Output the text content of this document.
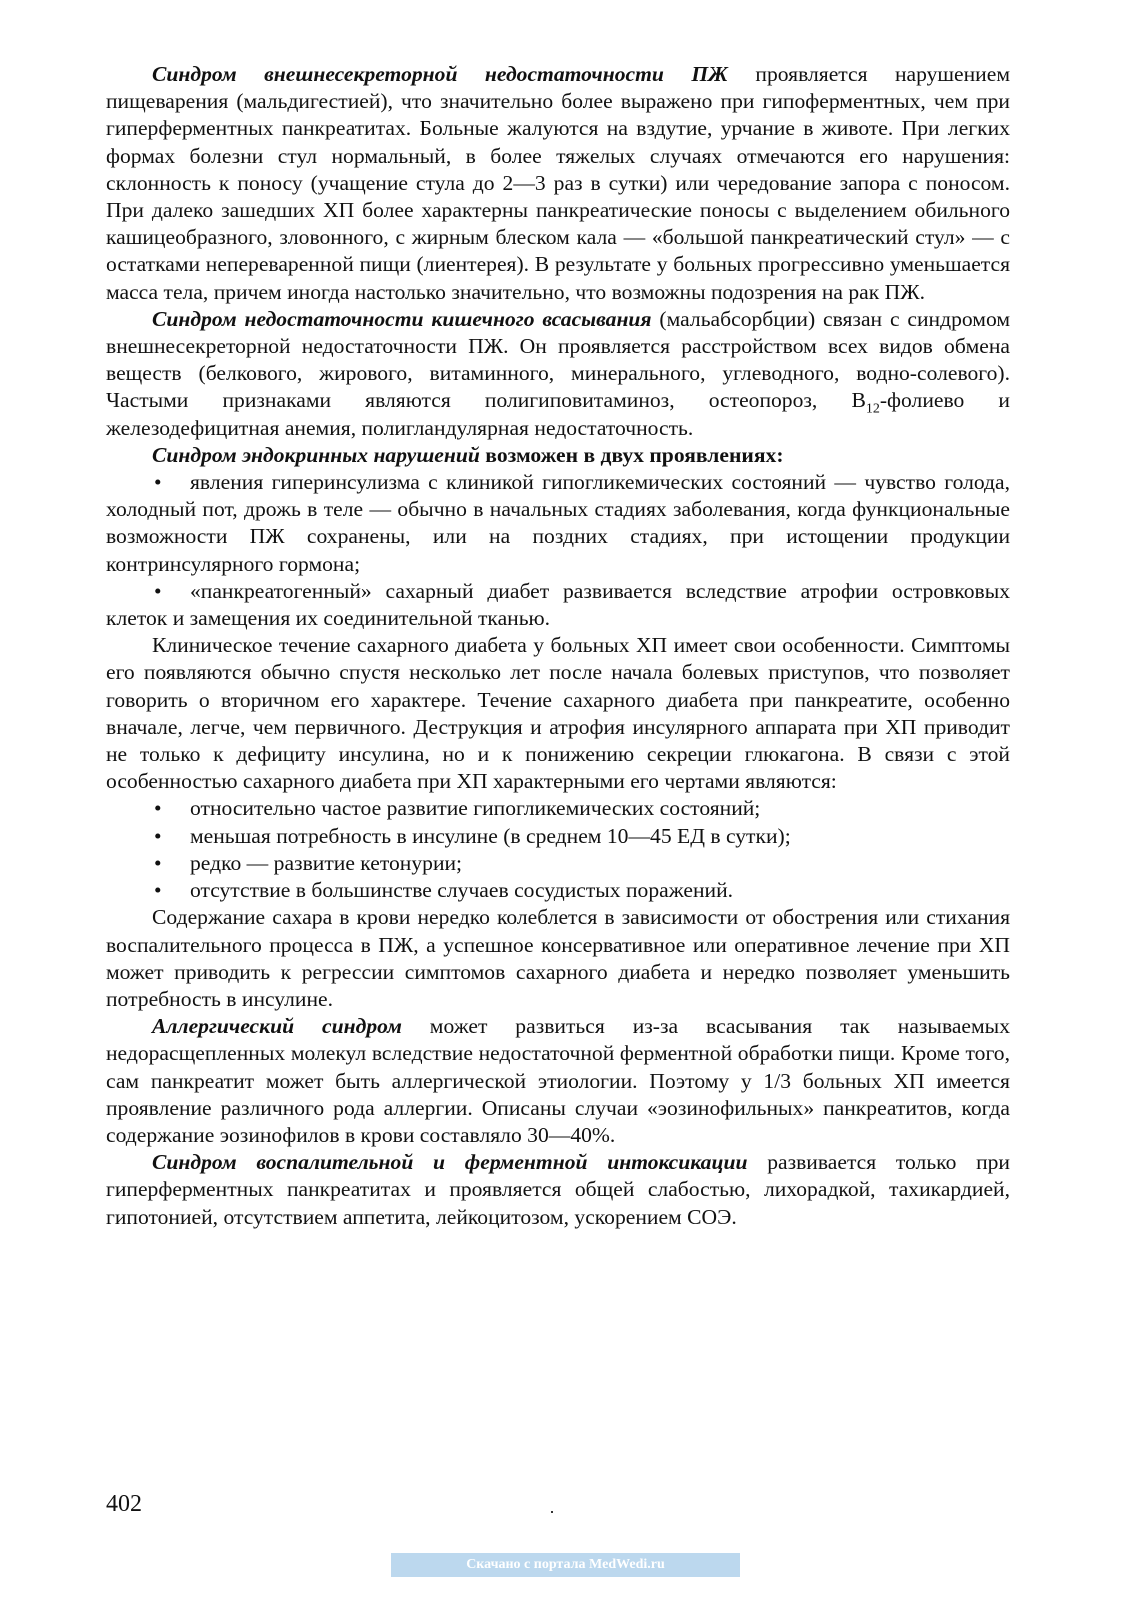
Синдром внешнесекреторной недостаточности ПЖ проявляется нарушением пищеварения (мальдигестией), что значительно более выражено при гипоферментных, чем при гиперферментных панкреатитах. Больные жалуются на вздутие, урчание в животе. При легких формах болезни стул нормальный, в более тяжелых случаях отмечаются его нарушения: склонность к поносу (учащение стула до 2—3 раз в сутки) или чередование запора с поносом. При далеко зашедших ХП более характерны панкреатические поносы с выделением обильного кашицеобразного, зловонного, с жирным блеском кала — «большой панкреатический стул» — с остатками непереваренной пищи (лиентерея). В результате у больных прогрессивно уменьшается масса тела, причем иногда настолько значительно, что возможны подозрения на рак ПЖ.

Синдром недостаточности кишечного всасывания (мальабсорбции) связан с синдромом внешнесекреторной недостаточности ПЖ. Он проявляется расстройством всех видов обмена веществ (белкового, жирового, витаминного, минерального, углеводного, водно-солевого). Частыми признаками являются полигиповитаминоз, остеопороз, $B_{12}$-фолиево и железодефицитная анемия, полигландулярная недостаточность.

Синдром эндокринных нарушений возможен в двух проявлениях:

• явления гиперинсулизма с клиникой гипогликемических состояний — чувство голода, холодный пот, дрожь в теле — обычно в начальных стадиях заболевания, когда функциональные возможности ПЖ сохранены, или на поздних стадиях, при истощении продукции контринсулярного гормона;
• «панкреатогенный» сахарный диабет развивается вследствие атрофии островковых клеток и замещения их соединительной тканью.

Клиническое течение сахарного диабета у больных ХП имеет свои особенности. Симптомы его появляются обычно спустя несколько лет после начала болевых приступов, что позволяет говорить о вторичном его характере. Течение сахарного диабета при панкреатите, особенно вначале, легче, чем первичного. Деструкция и атрофия инсулярного аппарата при ХП приводит не только к дефициту инсулина, но и к понижению секреции глюкагона. В связи с этой особенностью сахарного диабета при ХП характерными его чертами являются:

• относительно частое развитие гипогликемических состояний;
• меньшая потребность в инсулине (в среднем 10—45 ЕД в сутки);
• редко — развитие кетонурии;
• отсутствие в большинстве случаев сосудистых поражений.

Содержание сахара в крови нередко колеблется в зависимости от обострения или стихания воспалительного процесса в ПЖ, а успешное консервативное или оперативное лечение при ХП может приводить к регрессии симптомов сахарного диабета и нередко позволяет уменьшить потребность в инсулине.

Аллергический синдром может развиться из-за всасывания так называемых недорасщепленных молекул вследствие недостаточной ферментной обработки пищи. Кроме того, сам панкреатит может быть аллергической этиологии. Поэтому у 1/3 больных ХП имеется проявление различного рода аллергии. Описаны случаи «эозинофильных» панкреатитов, когда содержание эозинофилов в крови составляло 30—40%.

Синдром воспалительной и ферментной интоксикации развивается только при гиперферментных панкреатитах и проявляется общей слабостью, лихорадкой, тахикардией, гипотонией, отсутствием аппетита, лейкоцитозом, ускорением СОЭ.

402
Скачано с портала MedWedi.ru
